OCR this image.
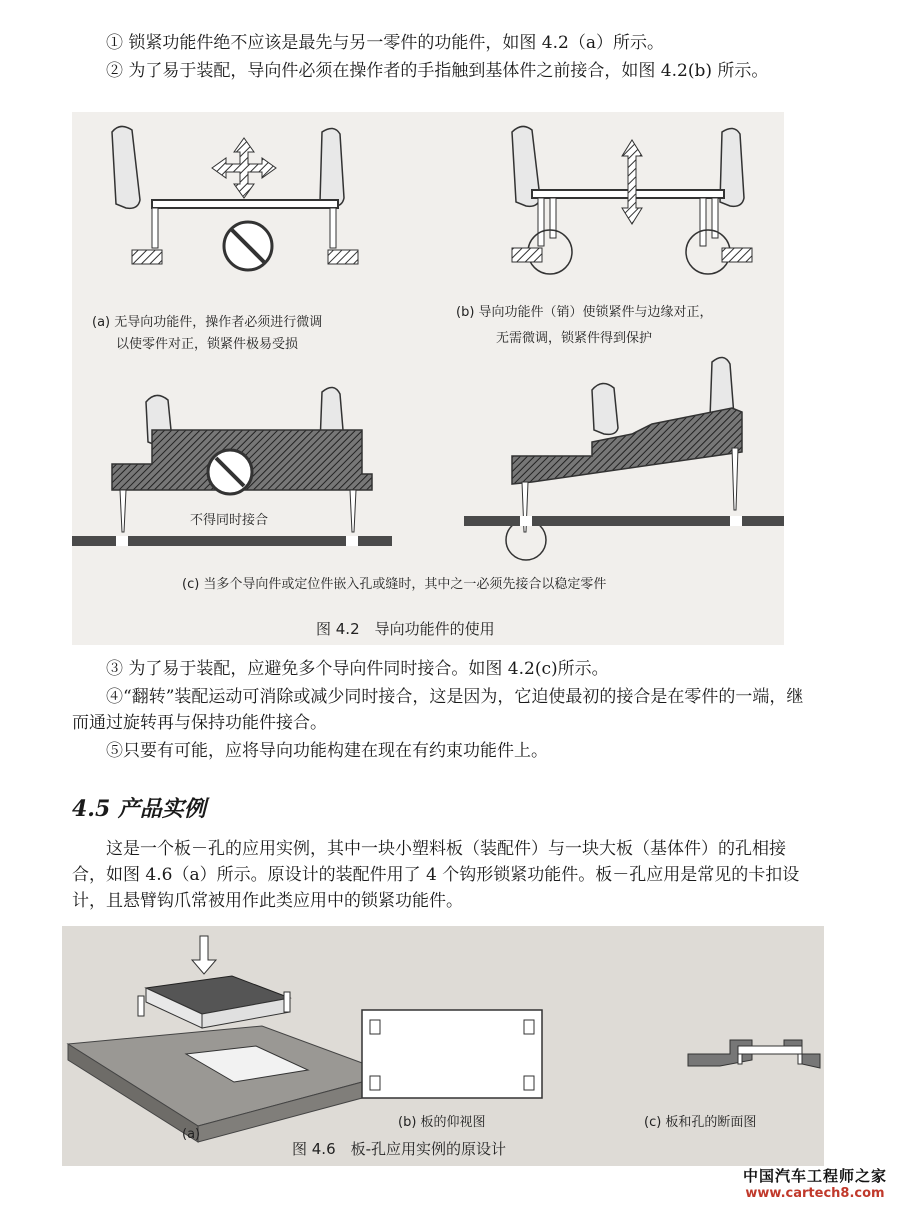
① 锁紧功能件绝不应该是最先与另一零件的功能件，如图 4.2（a）所示。
② 为了易于装配，导向件必须在操作者的手指触到基体件之前接合，如图 4.2(b) 所示。
(a) 无导向功能件，操作者必须进行微调
以使零件对正，锁紧件极易受损
(b) 导向功能件（销）使锁紧件与边缘对正，
无需微调，锁紧件得到保护
不得同时接合
(c) 当多个导向件或定位件嵌入孔或缝时，其中之一必须先接合以稳定零件
图 4.2　导向功能件的使用
③ 为了易于装配，应避免多个导向件同时接合。如图 4.2(c)所示。
④“翻转”装配运动可消除或减少同时接合，这是因为，它迫使最初的接合是在零件的一端，继而通过旋转再与保持功能件接合。
⑤只要有可能，应将导向功能构建在现在有约束功能件上。
4.5 产品实例
这是一个板－孔的应用实例，其中一块小塑料板（装配件）与一块大板（基体件）的孔相接合，如图 4.6（a）所示。原设计的装配件用了 4 个钩形锁紧功能件。板－孔应用是常见的卡扣设计，且悬臂钩爪常被用作此类应用中的锁紧功能件。
(a)
(b) 板的仰视图	(c) 板和孔的断面图
图 4.6　板-孔应用实例的原设计
中国汽车工程师之家
www.cartech8.com
